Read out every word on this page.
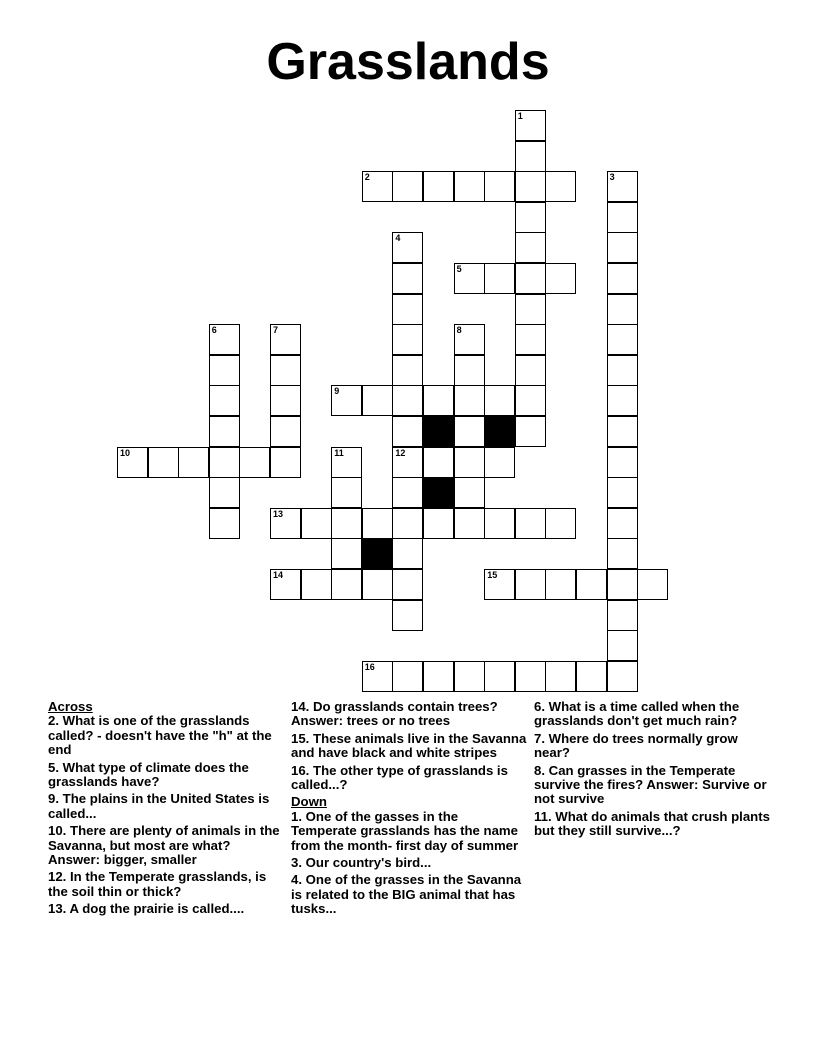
Grasslands
1
2	3
4
5
6	7	8
9
10	11	12
13
14	15
16
Across
2. What is one of the grasslands called? - doesn't have the "h" at the end
5. What type of climate does the grasslands have?
9. The plains in the United States is called...
10. There are plenty of animals in the Savanna, but most are what? Answer: bigger, smaller
12. In the Temperate grasslands, is the soil thin or thick?
13. A dog the prairie is called....
14. Do grasslands contain trees? Answer: trees or no trees
15. These animals live in the Savanna and have black and white stripes
16. The other type of grasslands is called...?
Down
1. One of the gasses in the Temperate grasslands has the name from the month- first day of summer
3. Our country's bird...
4. One of the grasses in the Savanna is related to the BIG animal that has tusks...
6. What is a time called when the grasslands don't get much rain?
7. Where do trees normally grow near?
8. Can grasses in the Temperate survive the fires? Answer: Survive or not survive
11. What do animals that crush plants but they still survive...?
